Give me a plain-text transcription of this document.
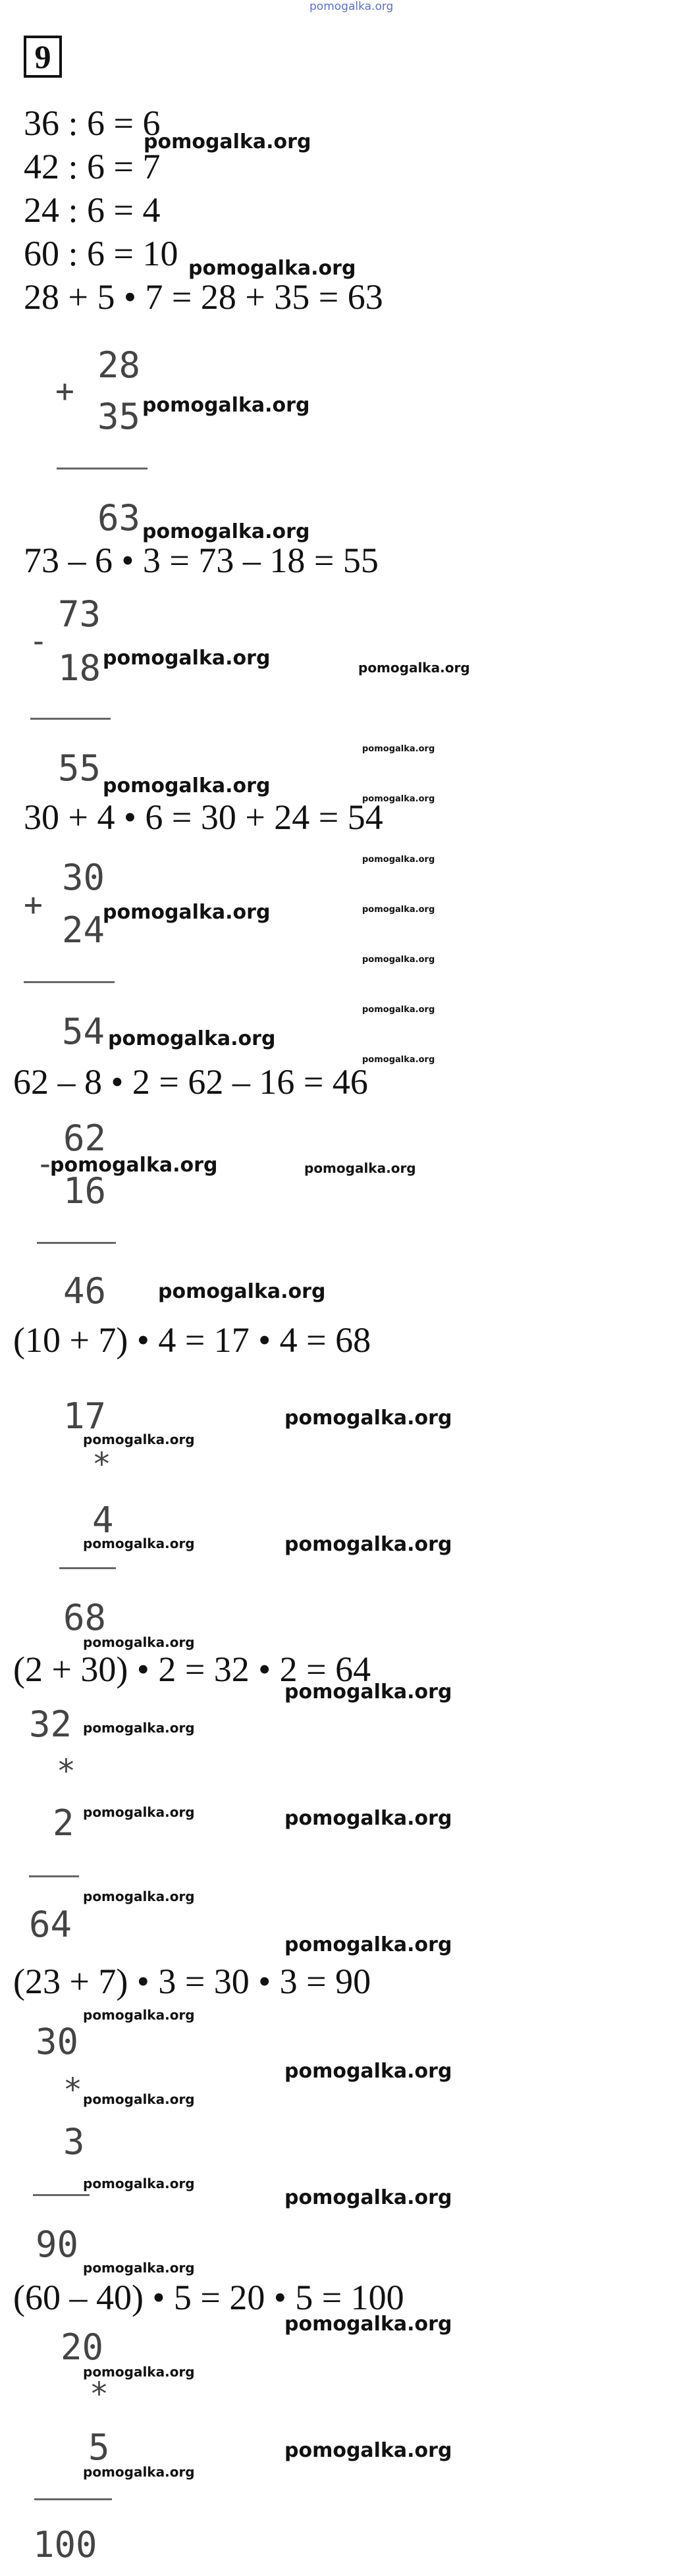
pomogalka.org
9
36 : 6 = 6
42 : 6 = 7
24 : 6 = 4
60 : 6 = 10
28 + 5 • 7 = 28 + 35 = 63
28
+
35
63
73 – 6 • 3 = 73 – 18 = 55
73
-
18
55
30 + 4 • 6 = 30 + 24 = 54
30
+
24
54
62 – 8 • 2 = 62 – 16 = 46
62
-
16
46
(10 + 7) • 4 = 17 • 4 = 68
17
*
4
68
(2 + 30) • 2 = 32 • 2 = 64
32
*
2
64
(23 + 7) • 3 = 30 • 3 = 90
30
*
3
90
(60 – 40) • 5 = 20 • 5 = 100
20
*
5
100
pomogalka.org
pomogalka.org
pomogalka.org
pomogalka.org
pomogalka.org
pomogalka.org
pomogalka.org
pomogalka.org
pomogalka.org
pomogalka.org
pomogalka.org
pomogalka.org
pomogalka.org
pomogalka.org
pomogalka.org
pomogalka.org
pomogalka.org
pomogalka.org
pomogalka.org
pomogalka.org
pomogalka.org
pomogalka.org
pomogalka.org
pomogalka.org
pomogalka.org
pomogalka.org
pomogalka.org
pomogalka.org
pomogalka.org
pomogalka.org
pomogalka.org
pomogalka.org
pomogalka.org
pomogalka.org
pomogalka.org
pomogalka.org
pomogalka.org
pomogalka.org
pomogalka.org
pomogalka.org
